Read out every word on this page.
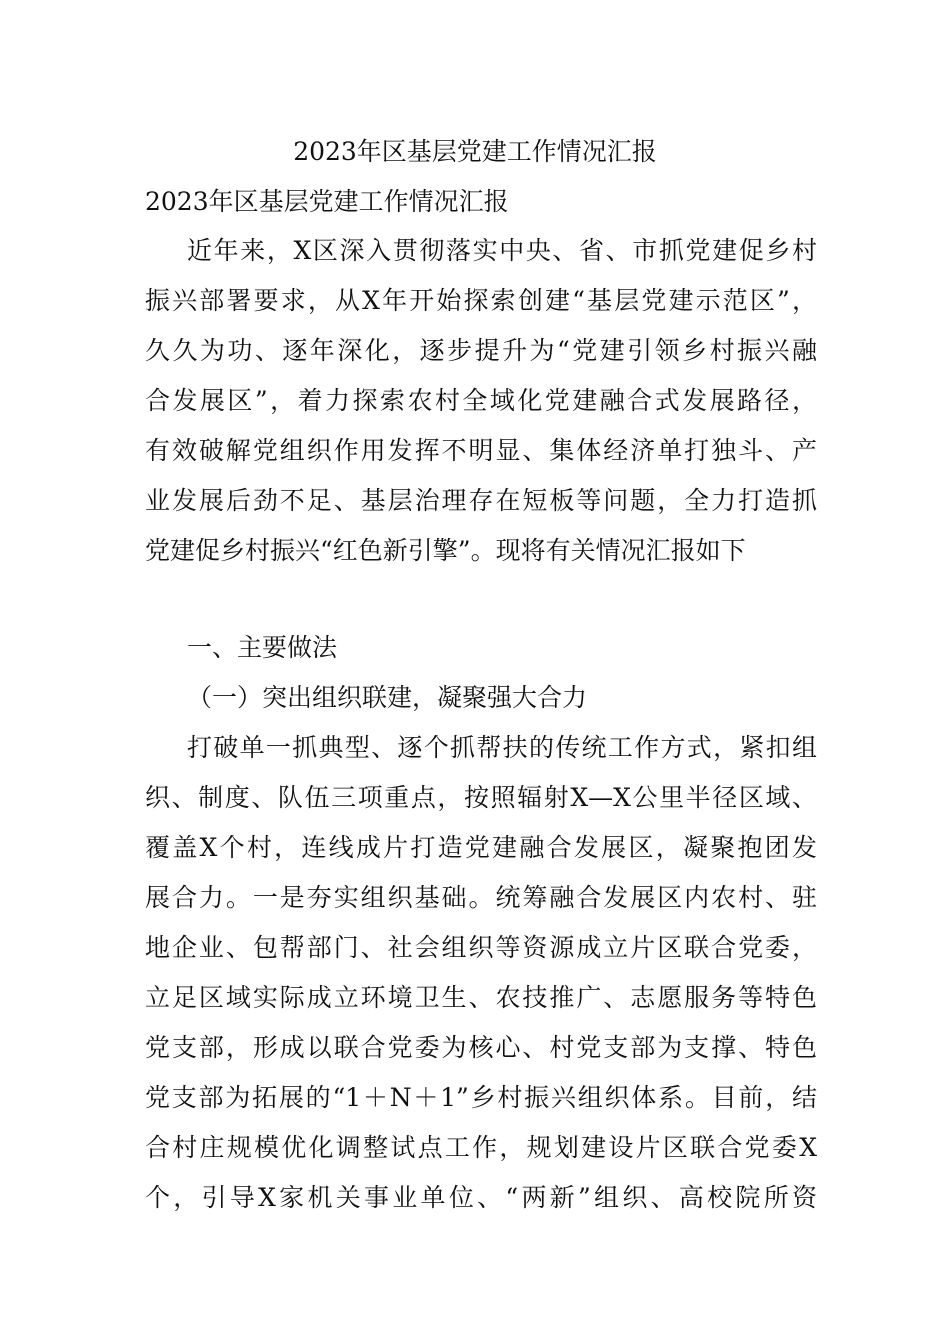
2023年区基层党建工作情况汇报
2023年区基层党建工作情况汇报
近年来，X区深入贯彻落实中央、省、市抓党建促乡村
振兴部署要求，从X年开始探索创建“基层党建示范区”，
久久为功、逐年深化，逐步提升为“党建引领乡村振兴融
合发展区”，着力探索农村全域化党建融合式发展路径，
有效破解党组织作用发挥不明显、集体经济单打独斗、产
业发展后劲不足、基层治理存在短板等问题，全力打造抓
党建促乡村振兴“红色新引擎”。现将有关情况汇报如下
一、主要做法
（一）突出组织联建，凝聚强大合力
打破单一抓典型、逐个抓帮扶的传统工作方式，紧扣组
织、制度、队伍三项重点，按照辐射X—X公里半径区域、
覆盖X个村，连线成片打造党建融合发展区，凝聚抱团发
展合力。一是夯实组织基础。统筹融合发展区内农村、驻
地企业、包帮部门、社会组织等资源成立片区联合党委，
立足区域实际成立环境卫生、农技推广、志愿服务等特色
党支部，形成以联合党委为核心、村党支部为支撑、特色
党支部为拓展的“1＋N＋1”乡村振兴组织体系。目前，结
合村庄规模优化调整试点工作，规划建设片区联合党委X
个，引导X家机关事业单位、“两新”组织、高校院所资
